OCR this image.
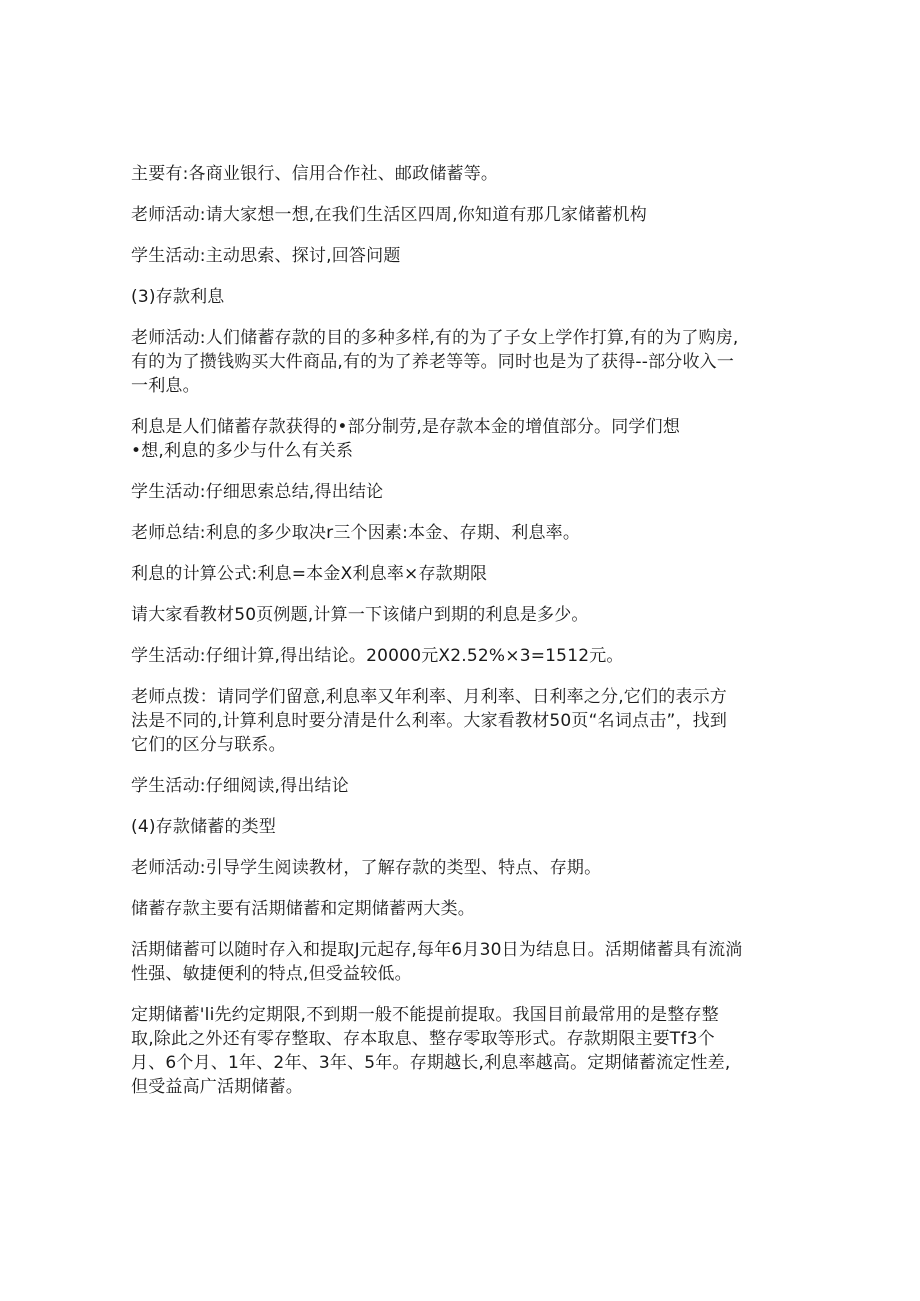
主要有:各商业银行、信用合作社、邮政储蓄等。

老师活动:请大家想一想,在我们生活区四周,你知道有那几家储蓄机构

学生活动:主动思索、探讨,回答问题

(3)存款利息

老师活动:人们储蓄存款的目的多种多样,有的为了子女上学作打算,有的为了购房,
有的为了攒钱购买大件商品,有的为了养老等等。同时也是为了获得--部分收入一
一利息。

利息是人们储蓄存款获得的•部分制劳,是存款本金的增值部分。同学们想
•想,利息的多少与什么有关系

学生活动:仔细思索总结,得出结论

老师总结:利息的多少取决r三个因素:本金、存期、利息率。

利息的计算公式:利息=本金X利息率×存款期限

请大家看教材50页例题,计算一下该储户到期的利息是多少。

学生活动:仔细计算,得出结论。20000元X2.52%×3=1512元。

老师点拨：请同学们留意,利息率又年利率、月利率、日利率之分,它们的表示方
法是不同的,计算利息时要分清是什么利率。大家看教材50页“名词点击”，找到
它们的区分与联系。

学生活动:仔细阅读,得出结论

(4)存款储蓄的类型

老师活动:引导学生阅读教材，了解存款的类型、特点、存期。

储蓄存款主要有活期储蓄和定期储蓄两大类。

活期储蓄可以随时存入和提取J元起存,每年6月30日为结息日。活期储蓄具有流淌
性强、敏捷便利的特点,但受益较低。

定期储蓄'li先约定期限,不到期一般不能提前提取。我国目前最常用的是整存整
取,除此之外还有零存整取、存本取息、整存零取等形式。存款期限主要Tf3个
月、6个月、1年、2年、3年、5年。存期越长,利息率越高。定期储蓄流定性差,
但受益高广活期储蓄。
